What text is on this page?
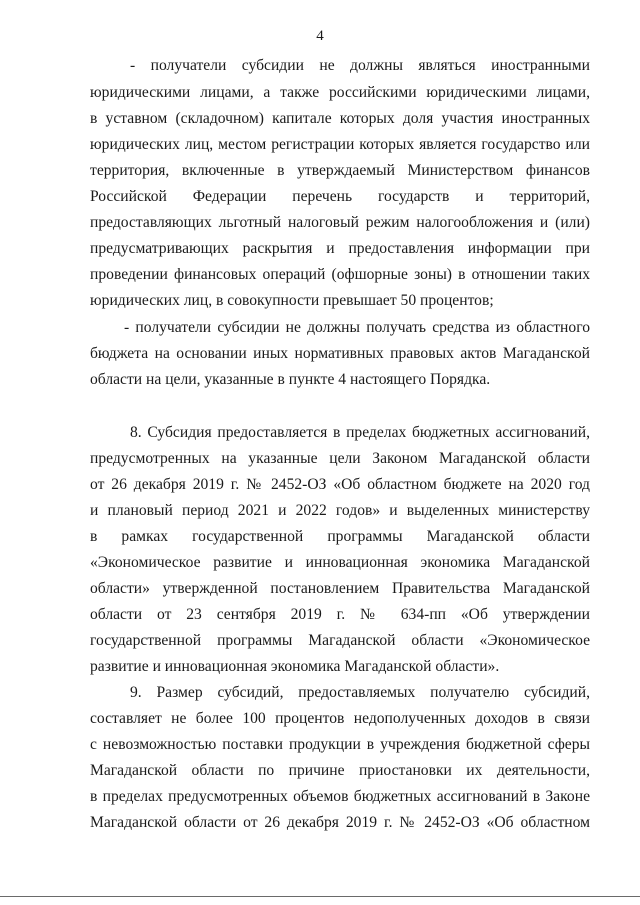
4
- получатели субсидии не должны являться иностранными
юридическими лицами, а также российскими юридическими лицами,
в уставном (складочном) капитале которых доля участия иностранных
юридических лиц, местом регистрации которых является государство или
территория, включенные в утверждаемый Министерством финансов
Российской Федерации перечень государств и территорий,
предоставляющих льготный налоговый режим налогообложения и (или)
предусматривающих раскрытия и предоставления информации при
проведении финансовых операций (офшорные зоны) в отношении таких
юридических лиц, в совокупности превышает 50 процентов;
- получатели субсидии не должны получать средства из областного
бюджета на основании иных нормативных правовых актов Магаданской
области на цели, указанные в пункте 4 настоящего Порядка.
8. Субсидия предоставляется в пределах бюджетных ассигнований,
предусмотренных на указанные цели Законом Магаданской области
от 26 декабря 2019 г. № 2452-ОЗ «Об областном бюджете на 2020 год
и плановый период 2021 и 2022 годов» и выделенных министерству
в рамках государственной программы Магаданской области
«Экономическое развитие и инновационная экономика Магаданской
области» утвержденной постановлением Правительства Магаданской
области от 23 сентября 2019 г. № 634-пп «Об утверждении
государственной программы Магаданской области «Экономическое
развитие и инновационная экономика Магаданской области».
9. Размер субсидий, предоставляемых получателю субсидий,
составляет не более 100 процентов недополученных доходов в связи
с невозможностью поставки продукции в учреждения бюджетной сферы
Магаданской области по причине приостановки их деятельности,
в пределах предусмотренных объемов бюджетных ассигнований в Законе
Магаданской области от 26 декабря 2019 г. № 2452-ОЗ «Об областном
